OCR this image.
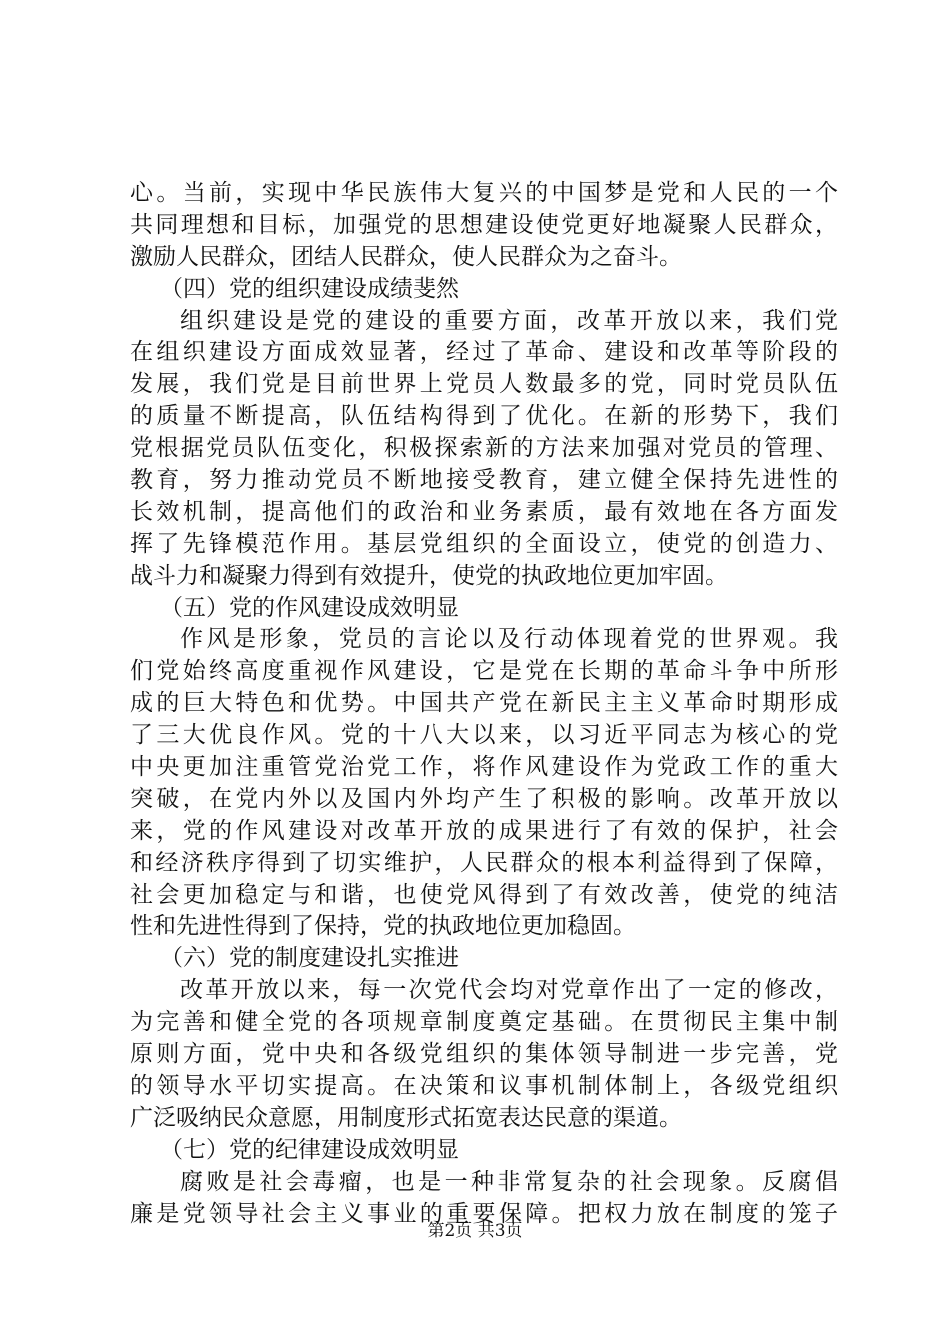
心。当前，实现中华民族伟大复兴的中国梦是党和人民的一个
共同理想和目标，加强党的思想建设使党更好地凝聚人民群众，
激励人民群众，团结人民群众，使人民群众为之奋斗。
（四）党的组织建设成绩斐然
组织建设是党的建设的重要方面，改革开放以来，我们党
在组织建设方面成效显著，经过了革命、建设和改革等阶段的
发展，我们党是目前世界上党员人数最多的党，同时党员队伍
的质量不断提高，队伍结构得到了优化。在新的形势下，我们
党根据党员队伍变化，积极探索新的方法来加强对党员的管理、
教育，努力推动党员不断地接受教育，建立健全保持先进性的
长效机制，提高他们的政治和业务素质，最有效地在各方面发
挥了先锋模范作用。基层党组织的全面设立，使党的创造力、
战斗力和凝聚力得到有效提升，使党的执政地位更加牢固。
（五）党的作风建设成效明显
作风是形象，党员的言论以及行动体现着党的世界观。我
们党始终高度重视作风建设，它是党在长期的革命斗争中所形
成的巨大特色和优势。中国共产党在新民主主义革命时期形成
了三大优良作风。党的十八大以来，以习近平同志为核心的党
中央更加注重管党治党工作，将作风建设作为党政工作的重大
突破，在党内外以及国内外均产生了积极的影响。改革开放以
来，党的作风建设对改革开放的成果进行了有效的保护，社会
和经济秩序得到了切实维护，人民群众的根本利益得到了保障，
社会更加稳定与和谐，也使党风得到了有效改善，使党的纯洁
性和先进性得到了保持，党的执政地位更加稳固。
（六）党的制度建设扎实推进
改革开放以来，每一次党代会均对党章作出了一定的修改，
为完善和健全党的各项规章制度奠定基础。在贯彻民主集中制
原则方面，党中央和各级党组织的集体领导制进一步完善，党
的领导水平切实提高。在决策和议事机制体制上，各级党组织
广泛吸纳民众意愿，用制度形式拓宽表达民意的渠道。
（七）党的纪律建设成效明显
腐败是社会毒瘤，也是一种非常复杂的社会现象。反腐倡
廉是党领导社会主义事业的重要保障。把权力放在制度的笼子
第2页 共3页
